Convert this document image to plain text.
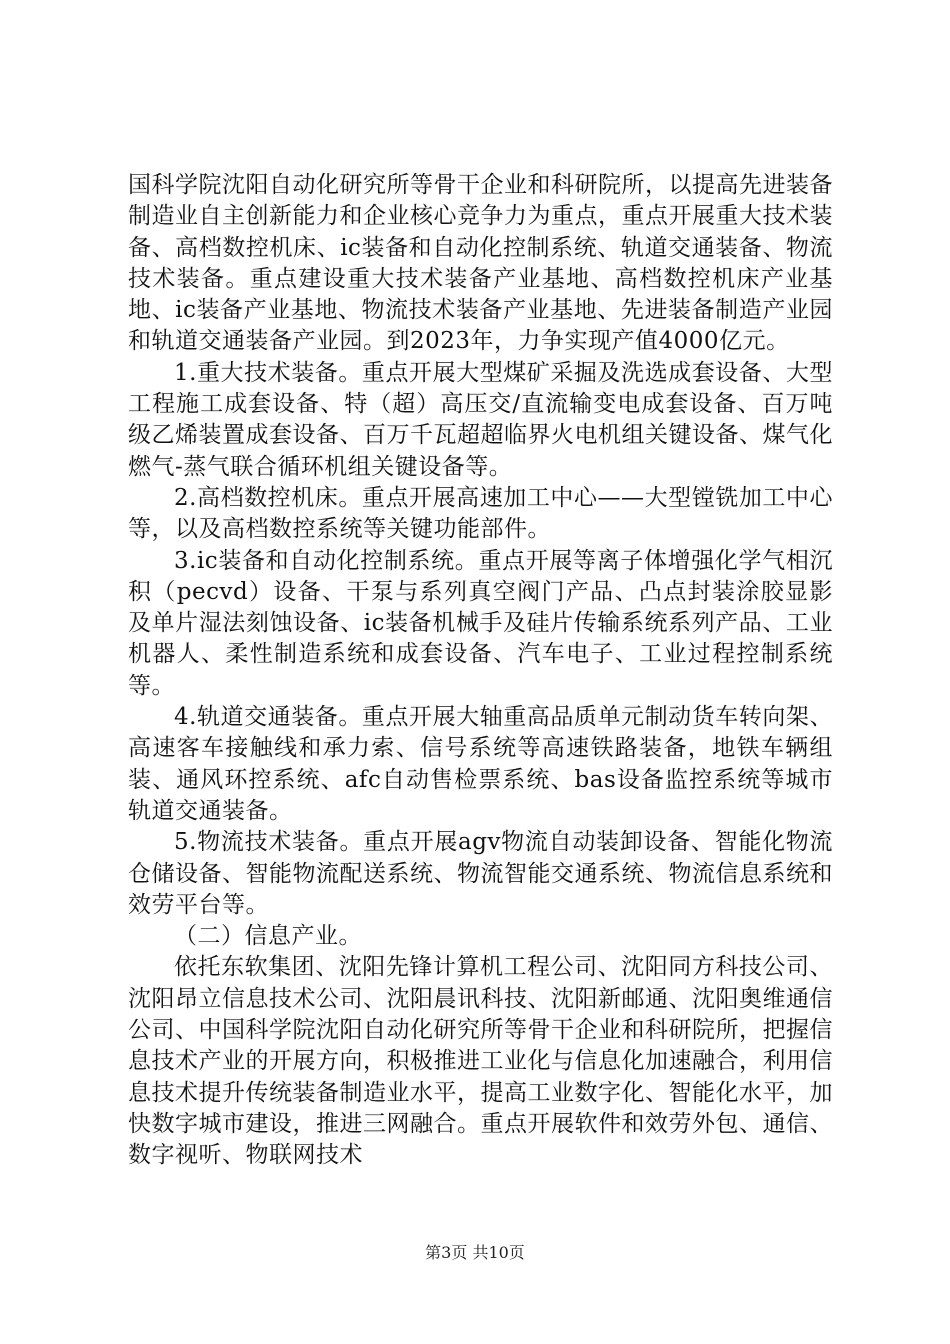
国科学院沈阳自动化研究所等骨干企业和科研院所，以提高先进装备制造业自主创新能力和企业核心竞争力为重点，重点开展重大技术装备、高档数控机床、ic装备和自动化控制系统、轨道交通装备、物流技术装备。重点建设重大技术装备产业基地、高档数控机床产业基地、ic装备产业基地、物流技术装备产业基地、先进装备制造产业园和轨道交通装备产业园。到2023年，力争实现产值4000亿元。

1.重大技术装备。重点开展大型煤矿采掘及洗选成套设备、大型工程施工成套设备、特（超）高压交/直流输变电成套设备、百万吨级乙烯装置成套设备、百万千瓦超超临界火电机组关键设备、煤气化燃气-蒸气联合循环机组关键设备等。

2.高档数控机床。重点开展高速加工中心——大型镗铣加工中心等，以及高档数控系统等关键功能部件。

3.ic装备和自动化控制系统。重点开展等离子体增强化学气相沉积（pecvd）设备、干泵与系列真空阀门产品、凸点封装涂胶显影及单片湿法刻蚀设备、ic装备机械手及硅片传输系统系列产品、工业机器人、柔性制造系统和成套设备、汽车电子、工业过程控制系统等。

4.轨道交通装备。重点开展大轴重高品质单元制动货车转向架、高速客车接触线和承力索、信号系统等高速铁路装备，地铁车辆组装、通风环控系统、afc自动售检票系统、bas设备监控系统等城市轨道交通装备。

5.物流技术装备。重点开展agv物流自动装卸设备、智能化物流仓储设备、智能物流配送系统、物流智能交通系统、物流信息系统和效劳平台等。

（二）信息产业。

依托东软集团、沈阳先锋计算机工程公司、沈阳同方科技公司、沈阳昂立信息技术公司、沈阳晨讯科技、沈阳新邮通、沈阳奥维通信公司、中国科学院沈阳自动化研究所等骨干企业和科研院所，把握信息技术产业的开展方向，积极推进工业化与信息化加速融合，利用信息技术提升传统装备制造业水平，提高工业数字化、智能化水平，加快数字城市建设，推进三网融合。重点开展软件和效劳外包、通信、数字视听、物联网技术

第3页 共10页
